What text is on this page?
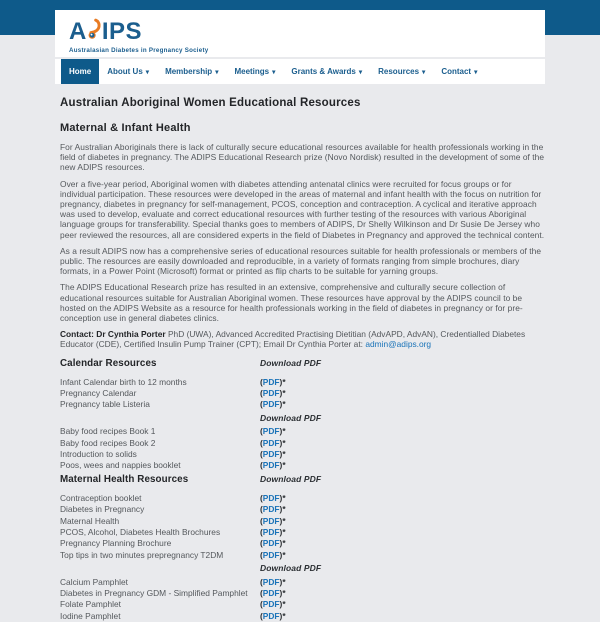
A IPS
Australasian Diabetes in Pregnancy Society
Home About Us ▾ Membership ▾ Meetings ▾ Grants & Awards ▾ Resources ▾ Contact ▾
Australian Aboriginal Women Educational Resources
Maternal & Infant Health

For Australian Aboriginals there is lack of culturally secure educational resources available for health professionals working in the field of diabetes in pregnancy. The ADIPS Educational Research prize (Novo Nordisk) resulted in the development of some of the new ADIPS resources.

Over a five-year period, Aboriginal women with diabetes attending antenatal clinics were recruited for focus groups or for individual participation. These resources were developed in the areas of maternal and infant health with the focus on nutrition for pregnancy, diabetes in pregnancy for self-management, PCOS, conception and contraception. A cyclical and iterative approach was used to develop, evaluate and correct educational resources with further testing of the resources with various Aboriginal language groups for transferability. Special thanks goes to members of ADIPS, Dr Shelly Wilkinson and Dr Susie De Jersey who peer reviewed the resources, all are considered experts in the field of Diabetes in Pregnancy and approved the technical content.

As a result ADIPS now has a comprehensive series of educational resources suitable for health professionals or members of the public. The resources are easily downloaded and reproducible, in a variety of formats ranging from simple brochures, diary formats, in a Power Point (Microsoft) format or printed as flip charts to be suitable for yarning groups.

The ADIPS Educational Research prize has resulted in an extensive, comprehensive and culturally secure collection of educational resources suitable for Australian Aboriginal women. These resources have approval by the ADIPS council to be hosted on the ADIPS Website as a resource for health professionals working in the field of diabetes in pregnancy or for pre-conception use in general diabetes clinics.

Contact: Dr Cynthia Porter PhD (UWA), Advanced Accredited Practising Dietitian (AdvAPD, AdvAN), Credentialled Diabetes Educator (CDE), Certified Insulin Pump Trainer (CPT); Email Dr Cynthia Porter at: admin@adips.org

Calendar Resources	Download PDF
Infant Calendar birth to 12 months	(PDF)*
Pregnancy Calendar	(PDF)*
Pregnancy table Listeria	(PDF)*
Download PDF
Baby food recipes Book 1	(PDF)*
Baby food recipes Book 2	(PDF)*
Introduction to solids	(PDF)*
Poos, wees and nappies booklet	(PDF)*
Maternal Health Resources	Download PDF
Contraception booklet	(PDF)*
Diabetes in Pregnancy	(PDF)*
Maternal Health	(PDF)*
PCOS, Alcohol, Diabetes Health Brochures	(PDF)*
Pregnancy Planning Brochure	(PDF)*
Top tips in two minutes prepregnancy T2DM	(PDF)*
Download PDF
Calcium Pamphlet	(PDF)*
Diabetes in Pregnancy GDM - Simplified Pamphlet	(PDF)*
Folate Pamphlet	(PDF)*
Iodine Pamphlet	(PDF)*
